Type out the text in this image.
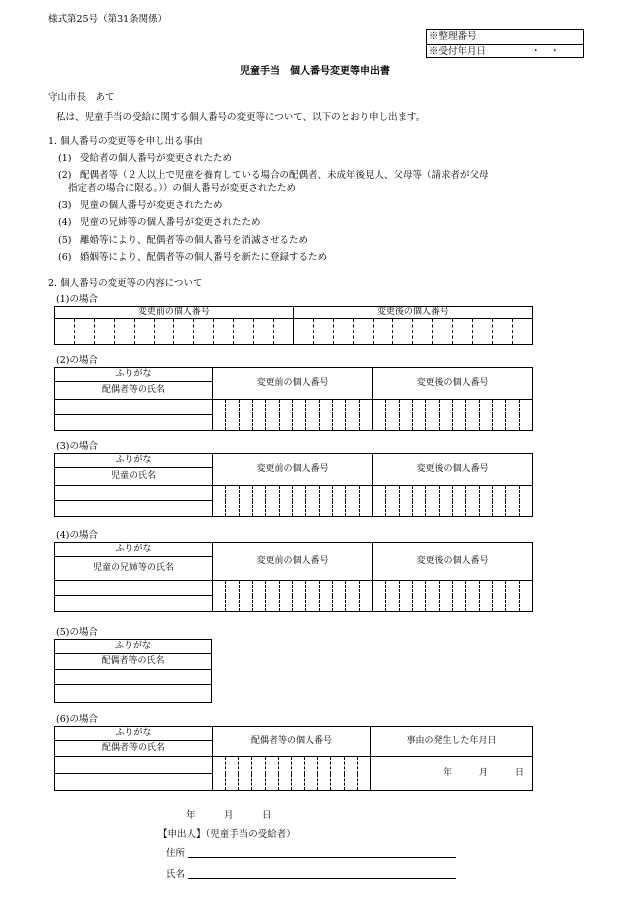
様式第25号（第31条関係）
※整理番号
※受付年月日	・　・
児童手当　個人番号変更等申出書
守山市長　あて
私は、児童手当の受給に関する個人番号の変更等について、以下のとおり申し出ます。
1. 個人番号の変更等を申し出る事由
(1) 受給者の個人番号が変更されたため
(2) 配偶者等（２人以上で児童を養育している場合の配偶者、未成年後見人、父母等（請求者が父母
指定者の場合に限る。））の個人番号が変更されたため
(3) 児童の個人番号が変更されたため
(4) 児童の兄姉等の個人番号が変更されたため
(5) 離婚等により、配偶者等の個人番号を消滅させるため
(6) 婚姻等により、配偶者等の個人番号を新たに登録するため
2. 個人番号の変更等の内容について
(1)の場合
変更前の個人番号												変更後の個人番号											

(2)の場合
ふりがな	変更前の個人番号												変更後の個人番号											
配偶者等の氏名																								

(3)の場合
ふりがな	変更前の個人番号												変更後の個人番号											
児童の氏名																								

(4)の場合
ふりがな	変更前の個人番号												変更後の個人番号											
児童の兄姉等の氏名																								

(5)の場合
ふりがな
配偶者等の氏名

(6)の場合
ふりがな	配偶者等の個人番号												事由の発生した年月日
配偶者等の氏名													
													年　　　月　　　日

年　　　月　　　日
【申出人】（児童手当の受給者）
住所
氏名
